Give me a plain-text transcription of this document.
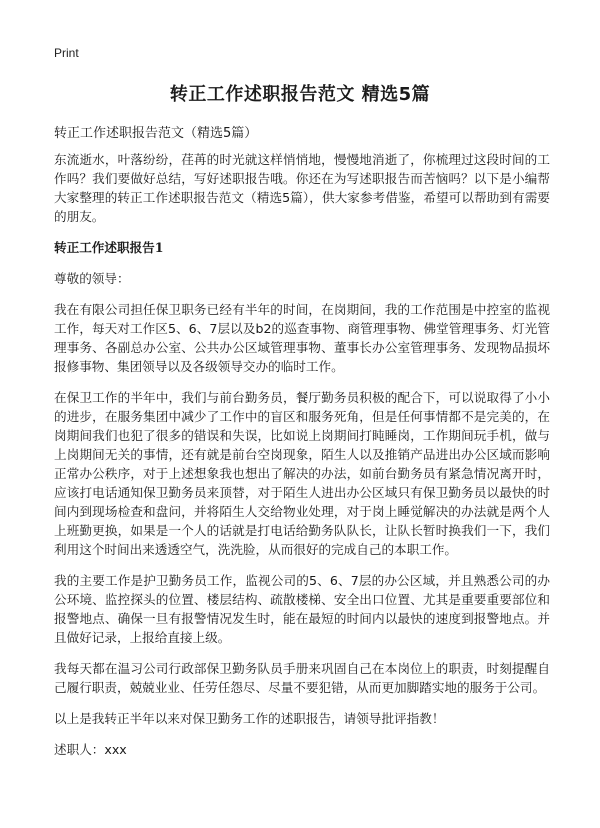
Print
转正工作述职报告范文 精选5篇
转正工作述职报告范文（精选5篇）

东流逝水，叶落纷纷，荏苒的时光就这样悄悄地，慢慢地消逝了，你梳理过这段时间的工作吗？我们要做好总结，写好述职报告哦。你还在为写述职报告而苦恼吗？以下是小编帮大家整理的转正工作述职报告范文（精选5篇），供大家参考借鉴，希望可以帮助到有需要的朋友。

转正工作述职报告1

尊敬的领导：

我在有限公司担任保卫职务已经有半年的时间，在岗期间，我的工作范围是中控室的监视工作，每天对工作区5、6、7层以及b2的巡查事物、商管理事物、佛堂管理事务、灯光管理事务、各副总办公室、公共办公区域管理事物、董事长办公室管理事务、发现物品损坏报修事物、集团领导以及各级领导交办的临时工作。

在保卫工作的半年中，我们与前台勤务员，餐厅勤务员积极的配合下，可以说取得了小小的进步，在服务集团中减少了工作中的盲区和服务死角，但是任何事情都不是完美的，在岗期间我们也犯了很多的错误和失误，比如说上岗期间打盹睡岗，工作期间玩手机，做与上岗期间无关的事情，还有就是前台空岗现象，陌生人以及推销产品进出办公区域而影响正常办公秩序，对于上述想象我也想出了解决的办法，如前台勤务员有紧急情况离开时，应该打电话通知保卫勤务员来顶替，对于陌生人进出办公区域只有保卫勤务员以最快的时间内到现场检查和盘问，并将陌生人交给物业处理，对于岗上睡觉解决的办法就是两个人上班勤更换，如果是一个人的话就是打电话给勤务队队长，让队长暂时换我们一下，我们利用这个时间出来透透空气，洗洗脸，从而很好的完成自己的本职工作。

我的主要工作是护卫勤务员工作，监视公司的5、6、7层的办公区域，并且熟悉公司的办公环境、监控探头的位置、楼层结构、疏散楼梯、安全出口位置、尤其是重要重要部位和报警地点、确保一旦有报警情况发生时，能在最短的时间内以最快的速度到报警地点。并且做好记录，上报给直接上级。

我每天都在温习公司行政部保卫勤务队员手册来巩固自己在本岗位上的职责，时刻提醒自己履行职责，兢兢业业、任劳任怨尽、尽量不要犯错，从而更加脚踏实地的服务于公司。

以上是我转正半年以来对保卫勤务工作的述职报告，请领导批评指教！

述职人：xxx
